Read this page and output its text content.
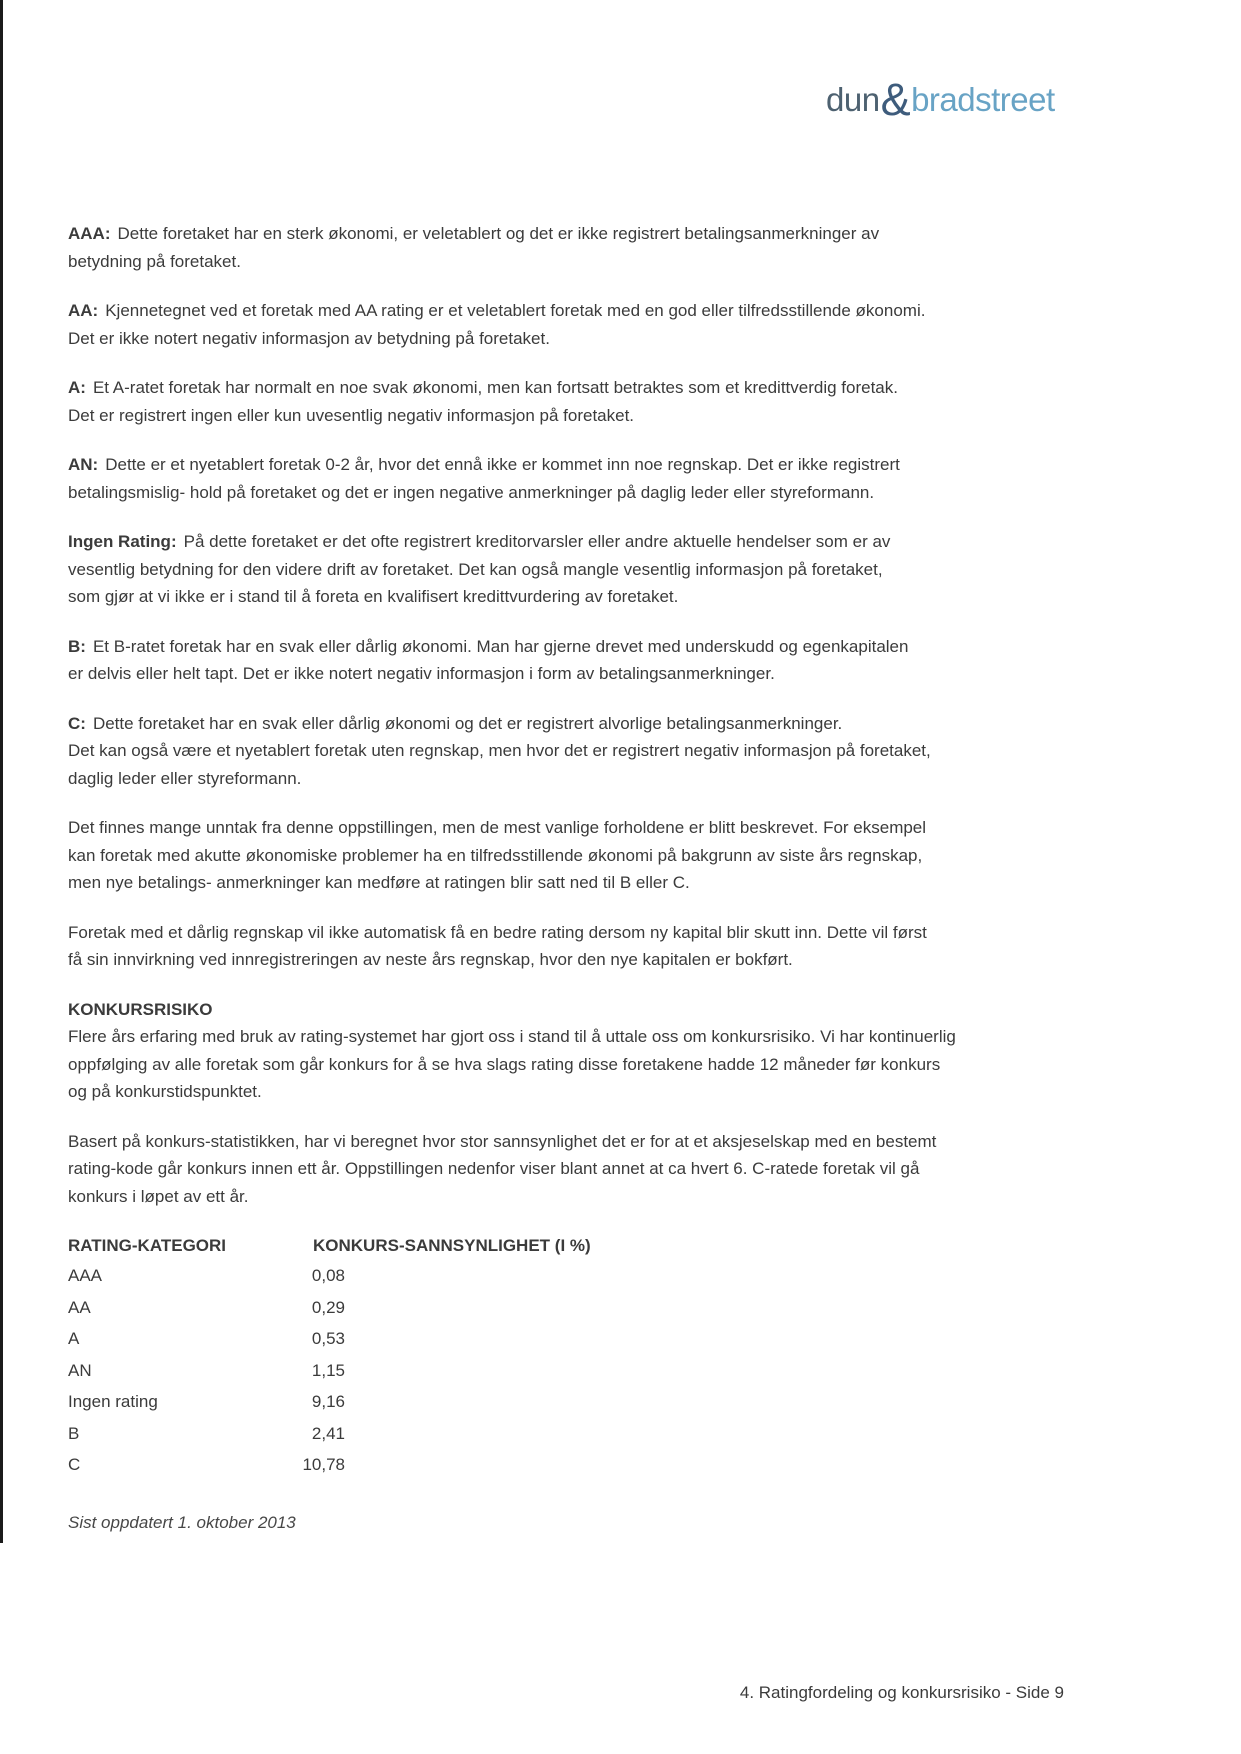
dun&bradstreet
AAA: Dette foretaket har en sterk økonomi, er veletablert og det er ikke registrert betalingsanmerkninger av
betydning på foretaket.
AA: Kjennetegnet ved et foretak med AA rating er et veletablert foretak med en god eller tilfredsstillende økonomi.
Det er ikke notert negativ informasjon av betydning på foretaket.
A: Et A-ratet foretak har normalt en noe svak økonomi, men kan fortsatt betraktes som et kredittverdig foretak.
Det er registrert ingen eller kun uvesentlig negativ informasjon på foretaket.
AN: Dette er et nyetablert foretak 0-2 år, hvor det ennå ikke er kommet inn noe regnskap. Det er ikke registrert
betalingsmislig- hold på foretaket og det er ingen negative anmerkninger på daglig leder eller styreformann.
Ingen Rating: På dette foretaket er det ofte registrert kreditorvarsler eller andre aktuelle hendelser som er av
vesentlig betydning for den videre drift av foretaket. Det kan også mangle vesentlig informasjon på foretaket,
som gjør at vi ikke er i stand til å foreta en kvalifisert kredittvurdering av foretaket.
B: Et B-ratet foretak har en svak eller dårlig økonomi. Man har gjerne drevet med underskudd og egenkapitalen
er delvis eller helt tapt. Det er ikke notert negativ informasjon i form av betalingsanmerkninger.
C: Dette foretaket har en svak eller dårlig økonomi og det er registrert alvorlige betalingsanmerkninger.
Det kan også være et nyetablert foretak uten regnskap, men hvor det er registrert negativ informasjon på foretaket,
daglig leder eller styreformann.
Det finnes mange unntak fra denne oppstillingen, men de mest vanlige forholdene er blitt beskrevet. For eksempel
kan foretak med akutte økonomiske problemer ha en tilfredsstillende økonomi på bakgrunn av siste års regnskap,
men nye betalings- anmerkninger kan medføre at ratingen blir satt ned til B eller C.
Foretak med et dårlig regnskap vil ikke automatisk få en bedre rating dersom ny kapital blir skutt inn. Dette vil først
få sin innvirkning ved innregistreringen av neste års regnskap, hvor den nye kapitalen er bokført.
KONKURSRISIKO
Flere års erfaring med bruk av rating-systemet har gjort oss i stand til å uttale oss om konkursrisiko. Vi har kontinuerlig
oppfølging av alle foretak som går konkurs for å se hva slags rating disse foretakene hadde 12 måneder før konkurs
og på konkurstidspunktet.
Basert på konkurs-statistikken, har vi beregnet hvor stor sannsynlighet det er for at et aksjeselskap med en bestemt
rating-kode går konkurs innen ett år. Oppstillingen nedenfor viser blant annet at ca hvert 6. C-ratede foretak vil gå
konkurs i løpet av ett år.
RATING-KATEGORI	KONKURS-SANNSYNLIGHET (I %)
AAA	0,08
AA	0,29
A	0,53
AN	1,15
Ingen rating	9,16
B	2,41
C	10,78

Sist oppdatert 1. oktober 2013

4. Ratingfordeling og konkursrisiko - Side 9
